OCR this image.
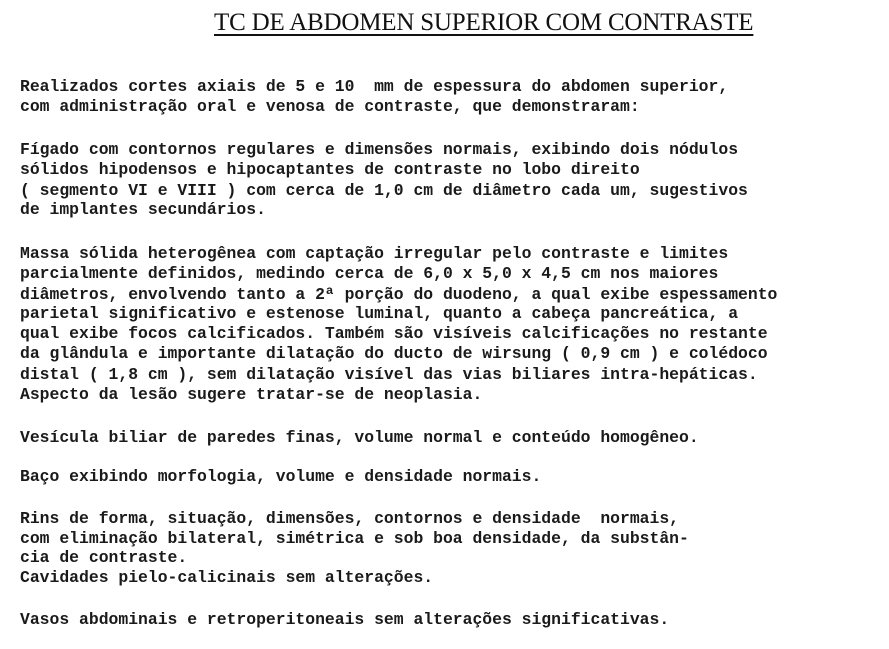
TC DE ABDOMEN SUPERIOR COM CONTRASTE

Realizados cortes axiais de 5 e 10  mm de espessura do abdomen superior,

com administração oral e venosa de contraste, que demonstraram:

Fígado com contornos regulares e dimensões normais, exibindo dois nódulos

sólidos hipodensos e hipocaptantes de contraste no lobo direito

( segmento VI e VIII ) com cerca de 1,0 cm de diâmetro cada um, sugestivos

de implantes secundários.

Massa sólida heterogênea com captação irregular pelo contraste e limites

parcialmente definidos, medindo cerca de 6,0 x 5,0 x 4,5 cm nos maiores

diâmetros, envolvendo tanto a 2ª porção do duodeno, a qual exibe espessamento

parietal significativo e estenose luminal, quanto a cabeça pancreática, a

qual exibe focos calcificados. Também são visíveis calcificações no restante

da glândula e importante dilatação do ducto de wirsung ( 0,9 cm ) e colédoco

distal ( 1,8 cm ), sem dilatação visível das vias biliares intra-hepáticas.

Aspecto da lesão sugere tratar-se de neoplasia.

Vesícula biliar de paredes finas, volume normal e conteúdo homogêneo.

Baço exibindo morfologia, volume e densidade normais.

Rins de forma, situação, dimensões, contornos e densidade  normais,

com eliminação bilateral, simétrica e sob boa densidade, da substân-

cia de contraste.

Cavidades pielo-calicinais sem alterações.

Vasos abdominais e retroperitoneais sem alterações significativas.
